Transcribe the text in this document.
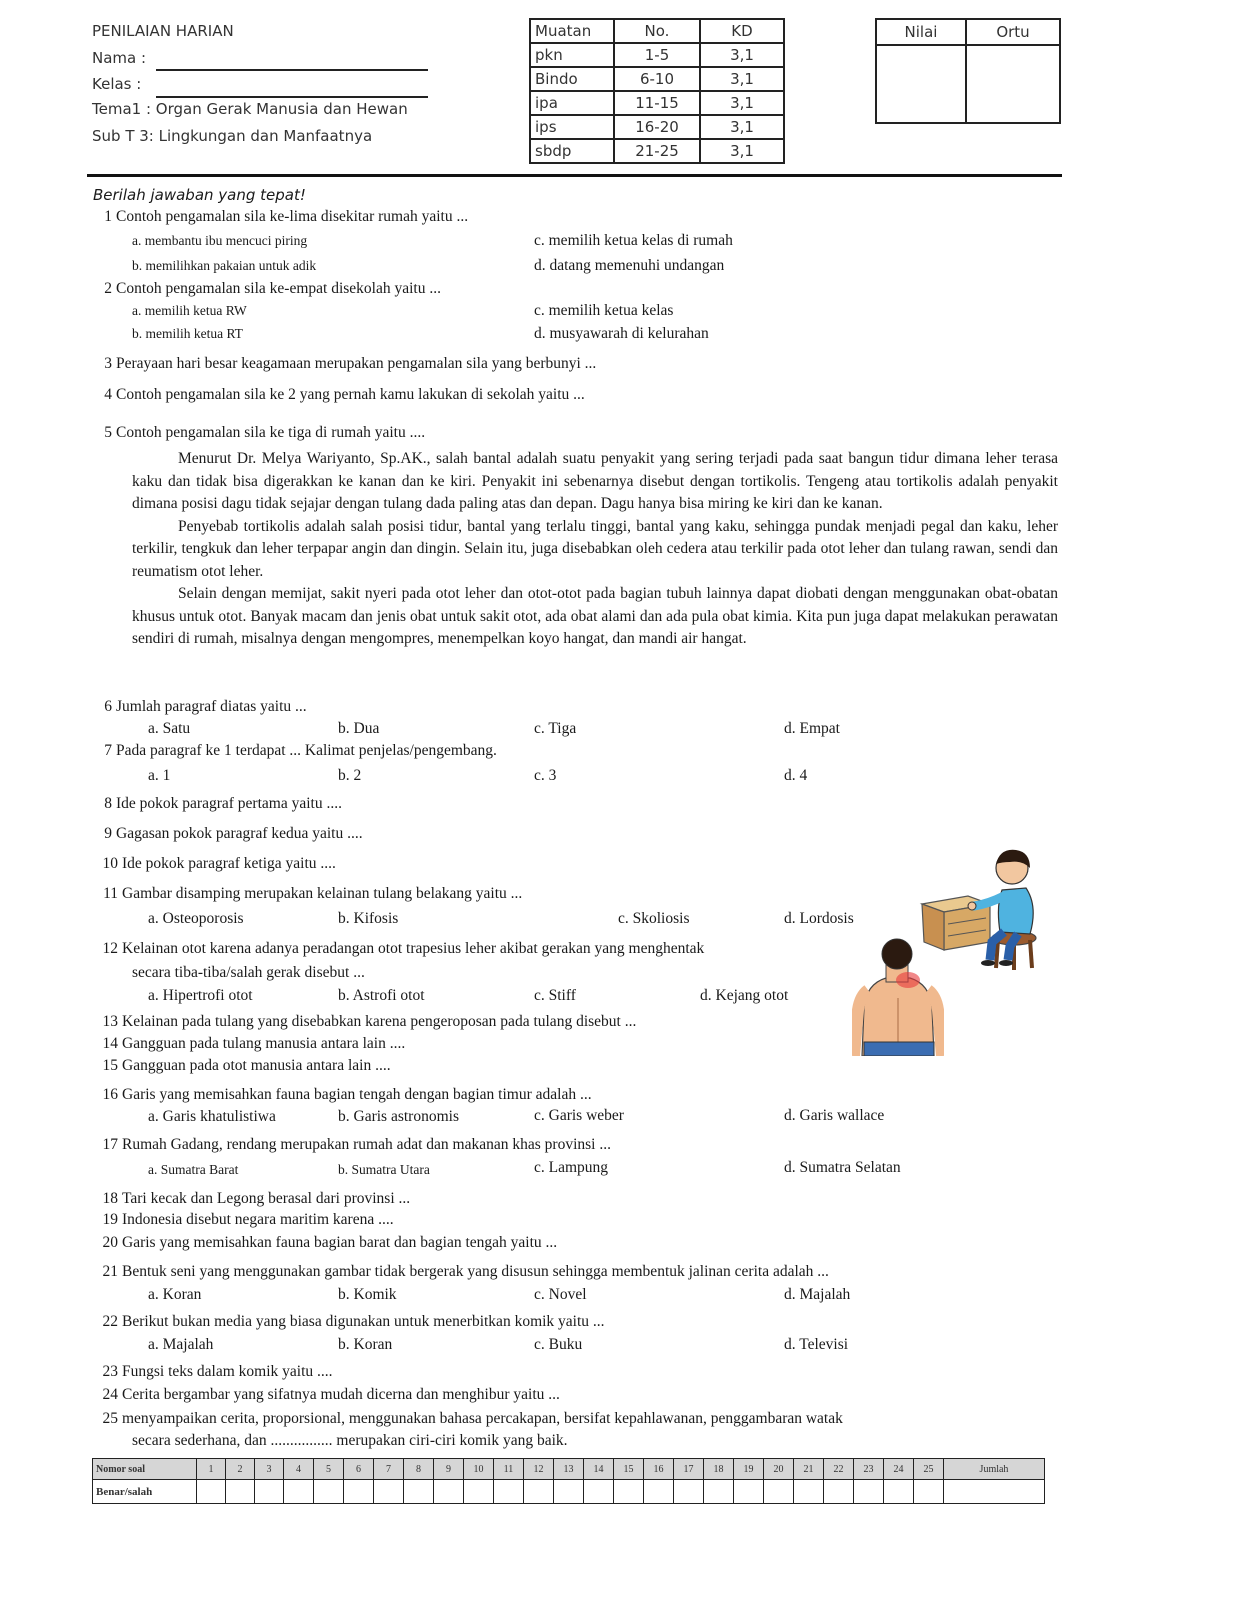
PENILAIAN HARIAN
Nama :
Kelas :
Tema1 : Organ Gerak Manusia dan Hewan
Sub T 3: Lingkungan dan Manfaatnya
Muatan	No.	KD
pkn	1-5	3,1
Bindo	6-10	3,1
ipa	11-15	3,1
ips	16-20	3,1
sbdp	21-25	3,1
Nilai	Ortu

Berilah jawaban yang tepat!
1 Contoh pengamalan sila ke-lima disekitar rumah yaitu ...
a. membantu ibu mencuci piring	c. memilih ketua kelas di rumah
b. memilihkan pakaian untuk adik	d. datang memenuhi undangan
2 Contoh pengamalan sila ke-empat disekolah yaitu ...
a. memilih ketua RW	c. memilih ketua kelas
b. memilih ketua RT	d. musyawarah di kelurahan
3 Perayaan hari besar keagamaan merupakan pengamalan sila yang berbunyi ...
4 Contoh pengamalan sila ke 2 yang pernah kamu lakukan di sekolah yaitu ...
5 Contoh pengamalan sila ke tiga di rumah yaitu ....

Menurut Dr. Melya Wariyanto, Sp.AK., salah bantal adalah suatu penyakit yang sering terjadi pada saat bangun tidur dimana leher terasa kaku dan tidak bisa digerakkan ke kanan dan ke kiri. Penyakit ini sebenarnya disebut dengan tortikolis. Tengeng atau tortikolis adalah penyakit dimana posisi dagu tidak sejajar dengan tulang dada paling atas dan depan. Dagu hanya bisa miring ke kiri dan ke kanan.

Penyebab tortikolis adalah salah posisi tidur, bantal yang terlalu tinggi, bantal yang kaku, sehingga pundak menjadi pegal dan kaku, leher terkilir, tengkuk dan leher terpapar angin dan dingin. Selain itu, juga disebabkan oleh cedera atau terkilir pada otot leher dan tulang rawan, sendi dan reumatism otot leher.

Selain dengan memijat, sakit nyeri pada otot leher dan otot-otot pada bagian tubuh lainnya dapat diobati dengan menggunakan obat-obatan khusus untuk otot. Banyak macam dan jenis obat untuk sakit otot, ada obat alami dan ada pula obat kimia. Kita pun juga dapat melakukan perawatan sendiri di rumah, misalnya dengan mengompres, menempelkan koyo hangat, dan mandi air hangat.

6 Jumlah paragraf diatas yaitu ...
a. Satu	b. Dua	c. Tiga	d. Empat
7 Pada paragraf ke 1 terdapat ... Kalimat penjelas/pengembang.
a. 1	b. 2	c. 3	d. 4
8 Ide pokok paragraf pertama yaitu ....
9 Gagasan pokok paragraf kedua yaitu ....
10 Ide pokok paragraf ketiga yaitu ....
11 Gambar disamping merupakan kelainan tulang belakang yaitu ...
a. Osteoporosis	b. Kifosis	c. Skoliosis	d. Lordosis
12 Kelainan otot karena adanya peradangan otot trapesius leher akibat gerakan yang menghentak
secara tiba-tiba/salah gerak disebut ...
a. Hipertrofi otot	b. Astrofi otot	c. Stiff	d. Kejang otot
13 Kelainan pada tulang yang disebabkan karena pengeroposan pada tulang disebut ...
14 Gangguan pada tulang manusia antara lain ....
15 Gangguan pada otot manusia antara lain ....
16 Garis yang memisahkan fauna bagian tengah dengan bagian timur adalah ...
a. Garis khatulistiwa	b. Garis astronomis	c. Garis weber	d. Garis wallace
17 Rumah Gadang, rendang merupakan rumah adat dan makanan khas provinsi ...
a. Sumatra Barat	b. Sumatra Utara	c. Lampung	d. Sumatra Selatan
18 Tari kecak dan Legong berasal dari provinsi ...
19 Indonesia disebut negara maritim karena ....
20 Garis yang memisahkan fauna bagian barat dan bagian tengah yaitu ...
21 Bentuk seni yang menggunakan gambar tidak bergerak yang disusun sehingga membentuk jalinan cerita adalah ...
a. Koran	b. Komik	c. Novel	d. Majalah
22 Berikut bukan media yang biasa digunakan untuk menerbitkan komik yaitu ...
a. Majalah	b. Koran	c. Buku	d. Televisi
23 Fungsi teks dalam komik yaitu ....
24 Cerita bergambar yang sifatnya mudah dicerna dan menghibur yaitu ...
25 menyampaikan cerita, proporsional, menggunakan bahasa percakapan, bersifat kepahlawanan, penggambaran watak
secara sederhana, dan ................ merupakan ciri-ciri komik yang baik.
Nomor soal	1	2	3	4	5	6	7	8	9	10	11	12	13	14	15	16	17	18	19	20	21	22	23	24	25	Jumlah
Benar/salah																										
